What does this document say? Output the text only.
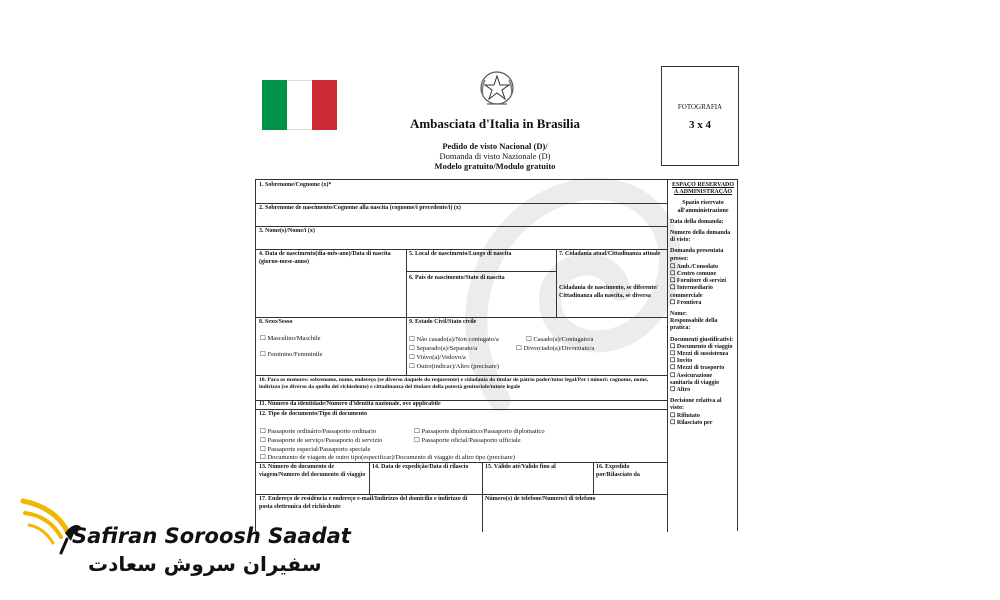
Ambasciata d'Italia in Brasilia
Pedido de visto Nacional (D)/
Domanda di visto Nazionale (D)
Modelo gratuito/Modulo gratuito
FOTOGRAFIA
3 x 4
1. Sobrenome/Cognome (x)*
2. Sobrenome de nascimento/Cognome alla nascita (cognome/i precedente/i) (x)
3. Nome(s)/Nome/i (x)
4. Data de nascimento(dia-mês-ano)/Data di nascita (giorno-mese-anno)
5. Local de nascimento/Luogo di nascita
6. País de nascimento/Stato di nascita
7. Cidadania atual/Cittadinanza attuale
Cidadania de nascimento, se diferente/ Cittadinanza alla nascita, se diversa
8. Sexo/Sesso
☐ Masculino/Maschile
☐ Feminino/Femminile
9. Estado Civil/Stato civile
☐ Não casado(a)/Non coniugato/a	☐ Casado(a)/Coniugato/a
☐ Separado(a)/Separato/a	☐ Divorciado(a)/Divorziato/a
☐ Viúvo(a)/Vedovo/a
☐ Outro(indicar)/Altro (precisare)
10. Para os menores: sobrenome, nome, endereço (se diverso daquele do requerente) e cidadania do titular de pátrio poder/tutor legal/Per i minori: cognome, nome, indirizzo (se diverso da quello del richiedente) e cittadinanza del titolare della potestà genitoriale/tutore legale
11. Número da identidade/Numero d'identità nazionale, ove applicabile
12. Tipo de documento/Tipo di documento
☐ Passaporte ordinário/Passaporto ordinario	☐ Passaporte diplomático/Passaporto diplomatico
☐ Passaporte de serviço/Passaporto di servizio	☐ Passaporte oficial/Passaporto ufficiale
☐ Passaporte especial/Passaporto speciale
☐ Documento de viagem de outro tipo(especificar)/Documento di viaggio di altro tipo (precisare)
13. Número do documento de viagem/Numero del documento di viaggio
14. Data de expedição/Data di rilascio	15. Válido até/Valido fino al	16. Expedido por/Rilasciato da
17. Endereço de residência e endereço e-mail/Indirizzo del domicilio e indirizzo di posta elettronica del richiedente
Número(s) de telefone/Numero/i di telefono

ESPAÇO RESERVADO À ADMINISTRAÇÃO

Spazio riservato all'amministrazione

Data della domanda:

Numero della domanda di visto:

Domanda presentata presso:

☐ Amb./Consolato
☐ Centro comune
☐ Fornitore di servizi
☐ Intermediario commerciale

☐ Frontiera

Nome:

Responsabile della pratica:

Documenti giustificativi:
☐ Documento di viaggio
☐ Mezzi di sussistenza
☐ Invito
☐ Mezzi di trasporto
☐ Assicurazione sanitaria di viaggio

☐ Altro

Decisione relativa al visto:
☐ Rifiutato
☐ Rilasciato per
Safiran Soroosh Saadat
سفیران سروش سعادت
